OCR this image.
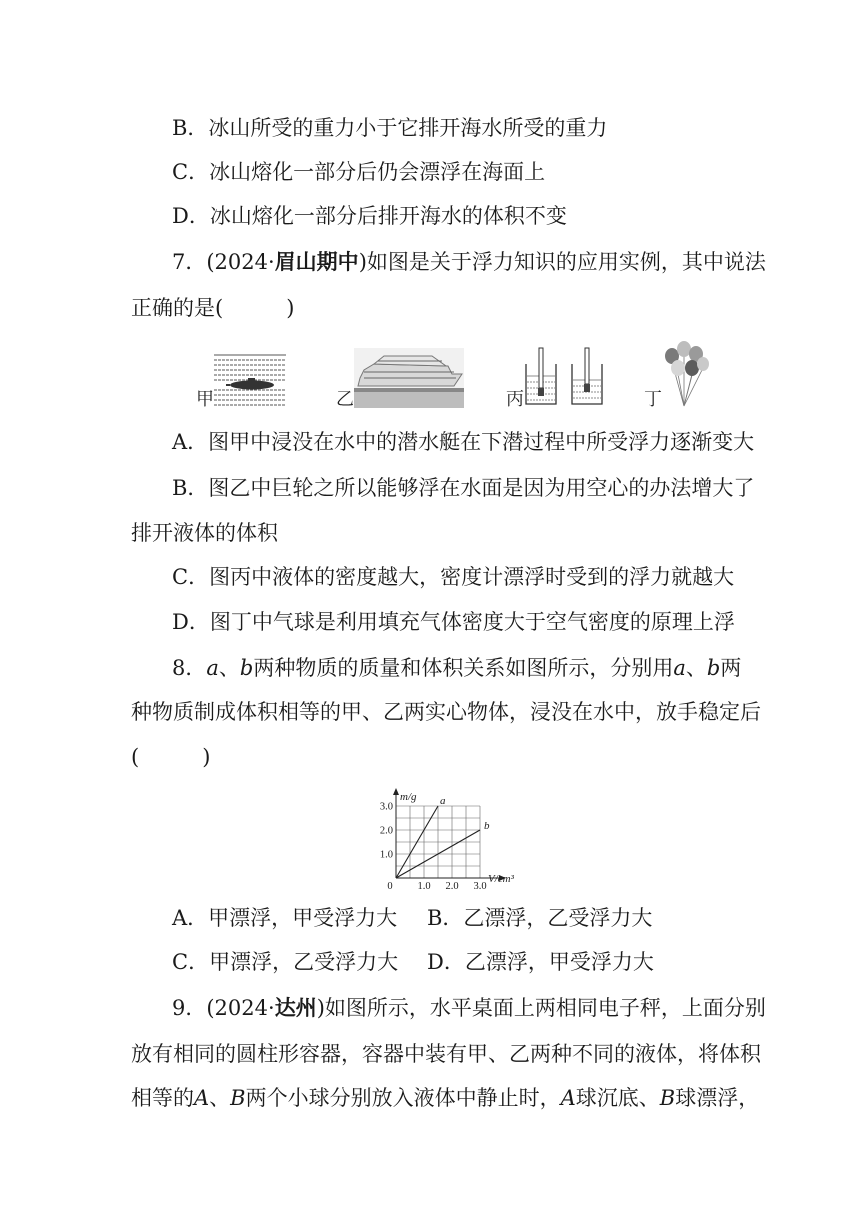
B．冰山所受的重力小于它排开海水所受的重力
C．冰山熔化一部分后仍会漂浮在海面上
D．冰山熔化一部分后排开海水的体积不变
7．(2024·眉山期中)如图是关于浮力知识的应用实例，其中说法
正确的是(　　　)
甲	乙	丙	丁
A．图甲中浸没在水中的潜水艇在下潜过程中所受浮力逐渐变大
B．图乙中巨轮之所以能够浮在水面是因为用空心的办法增大了
排开液体的体积
C．图丙中液体的密度越大，密度计漂浮时受到的浮力就越大
D．图丁中气球是利用填充气体密度大于空气密度的原理上浮
8．a、b两种物质的质量和体积关系如图所示，分别用a、b两
种物质制成体积相等的甲、乙两实心物体，浸没在水中，放手稳定后
(　　　)
m/g
V/cm³
0 1.0 2.0 3.0
1.0
2.0
3.0	a
b
A．甲漂浮，甲受浮力大 B．乙漂浮，乙受浮力大
C．甲漂浮，乙受浮力大 D．乙漂浮，甲受浮力大
9．(2024·达州)如图所示，水平桌面上两相同电子秤，上面分别
放有相同的圆柱形容器，容器中装有甲、乙两种不同的液体，将体积
相等的A、B两个小球分别放入液体中静止时，A球沉底、B球漂浮，
